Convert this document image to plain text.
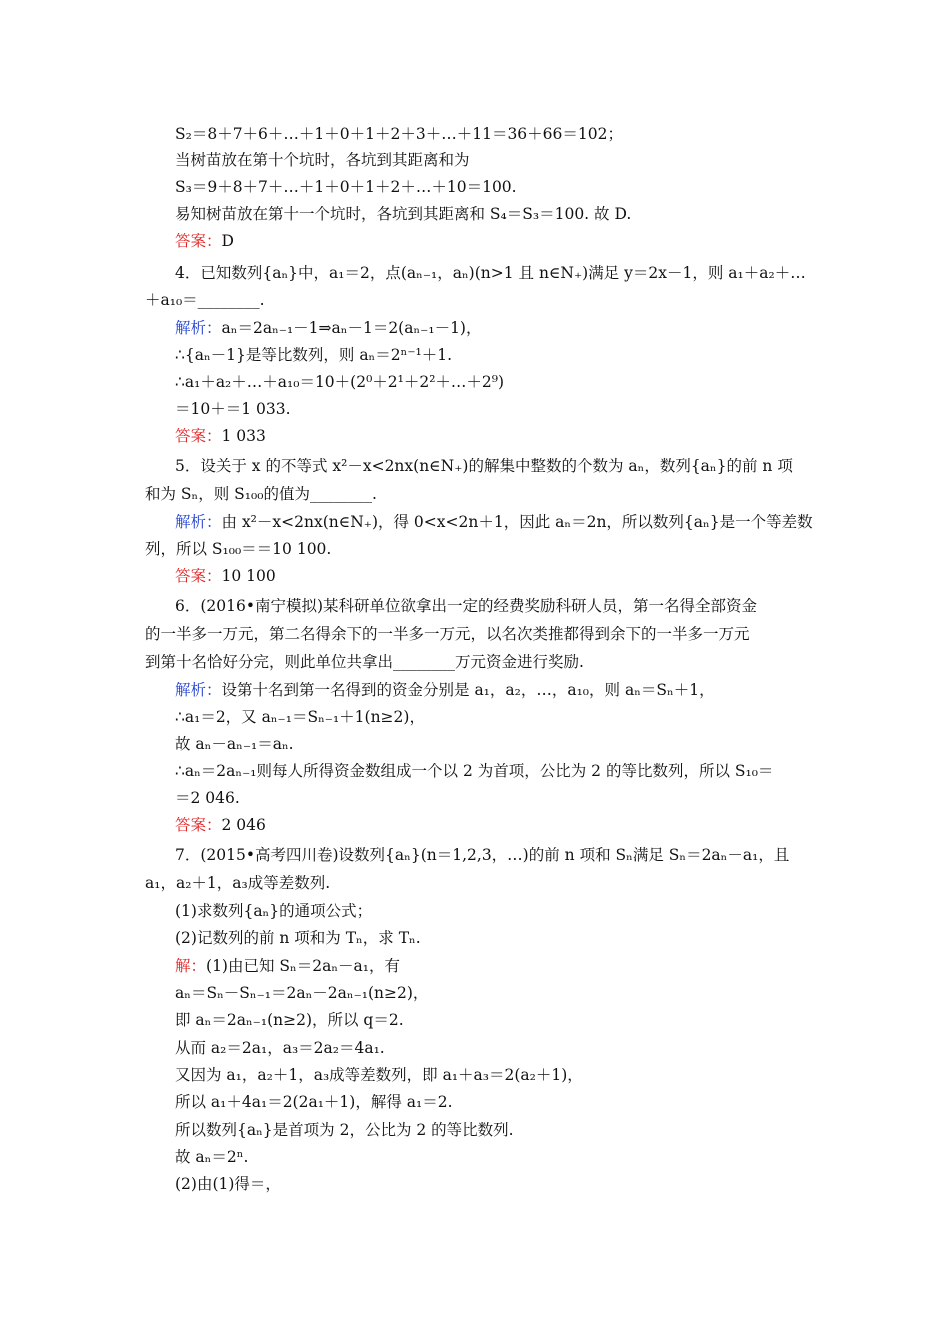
S₂＝8＋7＋6＋…＋1＋0＋1＋2＋3＋…＋11＝36＋66＝102；
当树苗放在第十个坑时，各坑到其距离和为
S₃＝9＋8＋7＋…＋1＋0＋1＋2＋…＋10＝100.
易知树苗放在第十一个坑时，各坑到其距离和 S₄＝S₃＝100. 故 D.
答案：D
4．已知数列{aₙ}中，a₁＝2，点(aₙ₋₁，aₙ)(n>1 且 n∈N₊)满足 y＝2x－1，则 a₁＋a₂＋…
＋a₁₀＝________.
解析：aₙ＝2aₙ₋₁－1⇒aₙ－1＝2(aₙ₋₁－1)，
∴{aₙ－1}是等比数列，则 aₙ＝2ⁿ⁻¹＋1.
∴a₁＋a₂＋…＋a₁₀＝10＋(2⁰＋2¹＋2²＋…＋2⁹)
＝10＋＝1 033.
答案：1 033
5．设关于 x 的不等式 x²－x<2nx(n∈N₊)的解集中整数的个数为 aₙ，数列{aₙ}的前 n 项
和为 Sₙ，则 S₁₀₀的值为________.
解析：由 x²－x<2nx(n∈N₊)，得 0<x<2n＋1，因此 aₙ＝2n，所以数列{aₙ}是一个等差数
列，所以 S₁₀₀＝＝10 100.
答案：10 100
6．(2016•南宁模拟)某科研单位欲拿出一定的经费奖励科研人员，第一名得全部资金
的一半多一万元，第二名得余下的一半多一万元，以名次类推都得到余下的一半多一万元
到第十名恰好分完，则此单位共拿出________万元资金进行奖励.
解析：设第十名到第一名得到的资金分别是 a₁，a₂，…，a₁₀，则 aₙ＝Sₙ＋1，
∴a₁＝2，又 aₙ₋₁＝Sₙ₋₁＋1(n≥2)，
故 aₙ－aₙ₋₁＝aₙ.
∴aₙ＝2aₙ₋₁则每人所得资金数组成一个以 2 为首项，公比为 2 的等比数列，所以 S₁₀＝
＝2 046.
答案：2 046
7．(2015•高考四川卷)设数列{aₙ}(n＝1,2,3，…)的前 n 项和 Sₙ满足 Sₙ＝2aₙ－a₁，且
a₁，a₂＋1，a₃成等差数列.
(1)求数列{aₙ}的通项公式；
(2)记数列的前 n 项和为 Tₙ，求 Tₙ.
解：(1)由已知 Sₙ＝2aₙ－a₁，有
aₙ＝Sₙ－Sₙ₋₁＝2aₙ－2aₙ₋₁(n≥2)，
即 aₙ＝2aₙ₋₁(n≥2)，所以 q＝2.
从而 a₂＝2a₁，a₃＝2a₂＝4a₁.
又因为 a₁，a₂＋1，a₃成等差数列，即 a₁＋a₃＝2(a₂＋1)，
所以 a₁＋4a₁＝2(2a₁＋1)，解得 a₁＝2.
所以数列{aₙ}是首项为 2，公比为 2 的等比数列.
故 aₙ＝2ⁿ.
(2)由(1)得＝，
